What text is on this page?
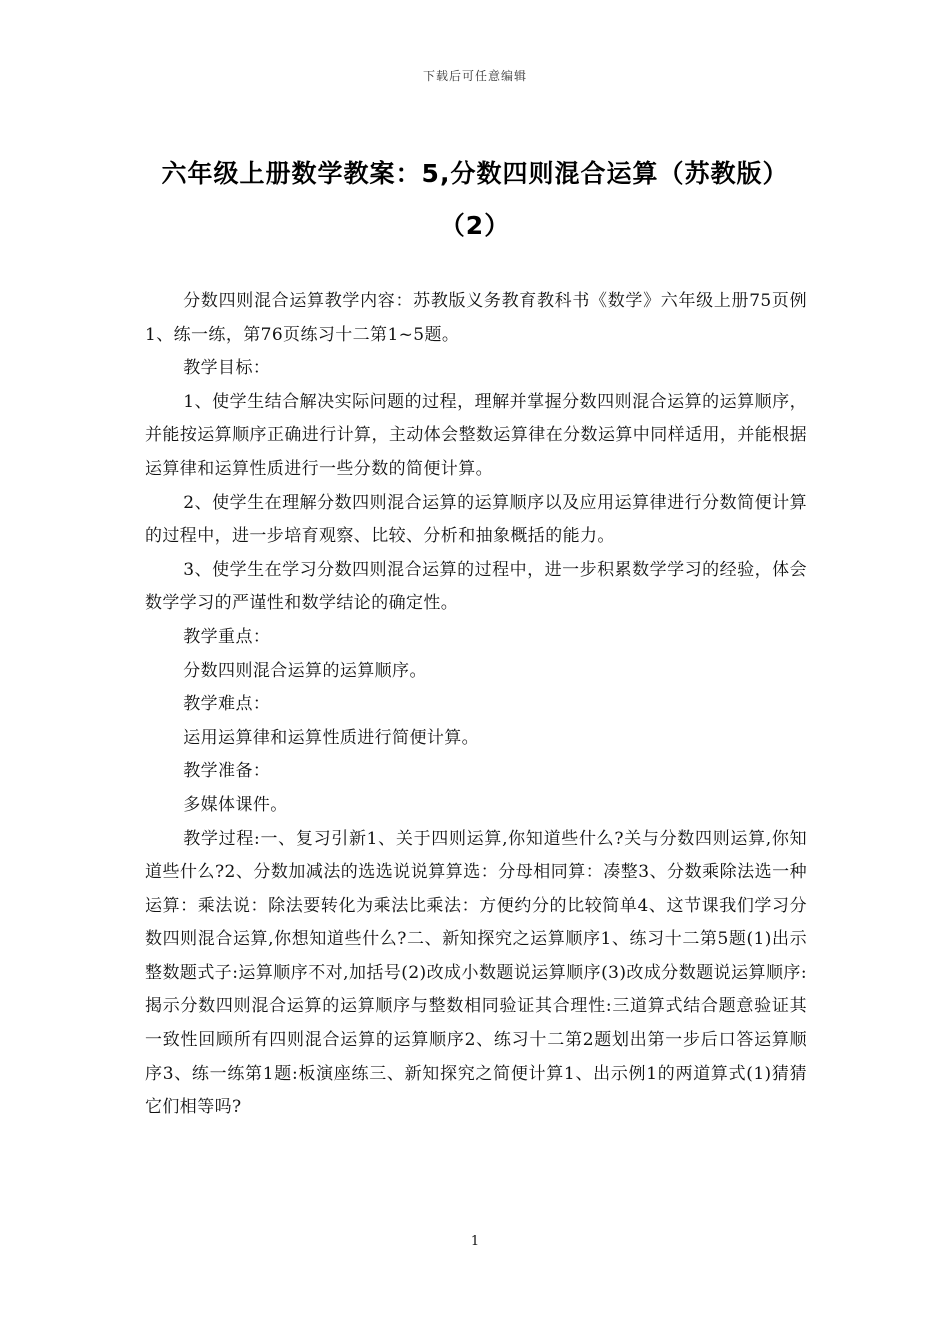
下载后可任意编辑
六年级上册数学教案：5,分数四则混合运算（苏教版）
（2）

分数四则混合运算教学内容：苏教版义务教育教科书《数学》六年级上册75页例1、练一练，第76页练习十二第1~5题。

教学目标：

1、使学生结合解决实际问题的过程，理解并掌握分数四则混合运算的运算顺序，并能按运算顺序正确进行计算，主动体会整数运算律在分数运算中同样适用，并能根据运算律和运算性质进行一些分数的简便计算。

2、使学生在理解分数四则混合运算的运算顺序以及应用运算律进行分数简便计算的过程中，进一步培育观察、比较、分析和抽象概括的能力。

3、使学生在学习分数四则混合运算的过程中，进一步积累数学学习的经验，体会数学学习的严谨性和数学结论的确定性。

教学重点：

分数四则混合运算的运算顺序。

教学难点：

运用运算律和运算性质进行简便计算。

教学准备：

多媒体课件。

教学过程:一、复习引新1、关于四则运算,你知道些什么?关与分数四则运算,你知道些什么?2、分数加减法的选选说说算算选：分母相同算：凑整3、分数乘除法选一种运算：乘法说：除法要转化为乘法比乘法：方便约分的比较简单4、这节课我们学习分数四则混合运算,你想知道些什么?二、新知探究之运算顺序1、练习十二第5题(1)出示整数题式子:运算顺序不对,加括号(2)改成小数题说运算顺序(3)改成分数题说运算顺序:揭示分数四则混合运算的运算顺序与整数相同验证其合理性:三道算式结合题意验证其一致性回顾所有四则混合运算的运算顺序2、练习十二第2题划出第一步后口答运算顺序3、练一练第1题:板演座练三、新知探究之简便计算1、出示例1的两道算式(1)猜猜它们相等吗?

1
